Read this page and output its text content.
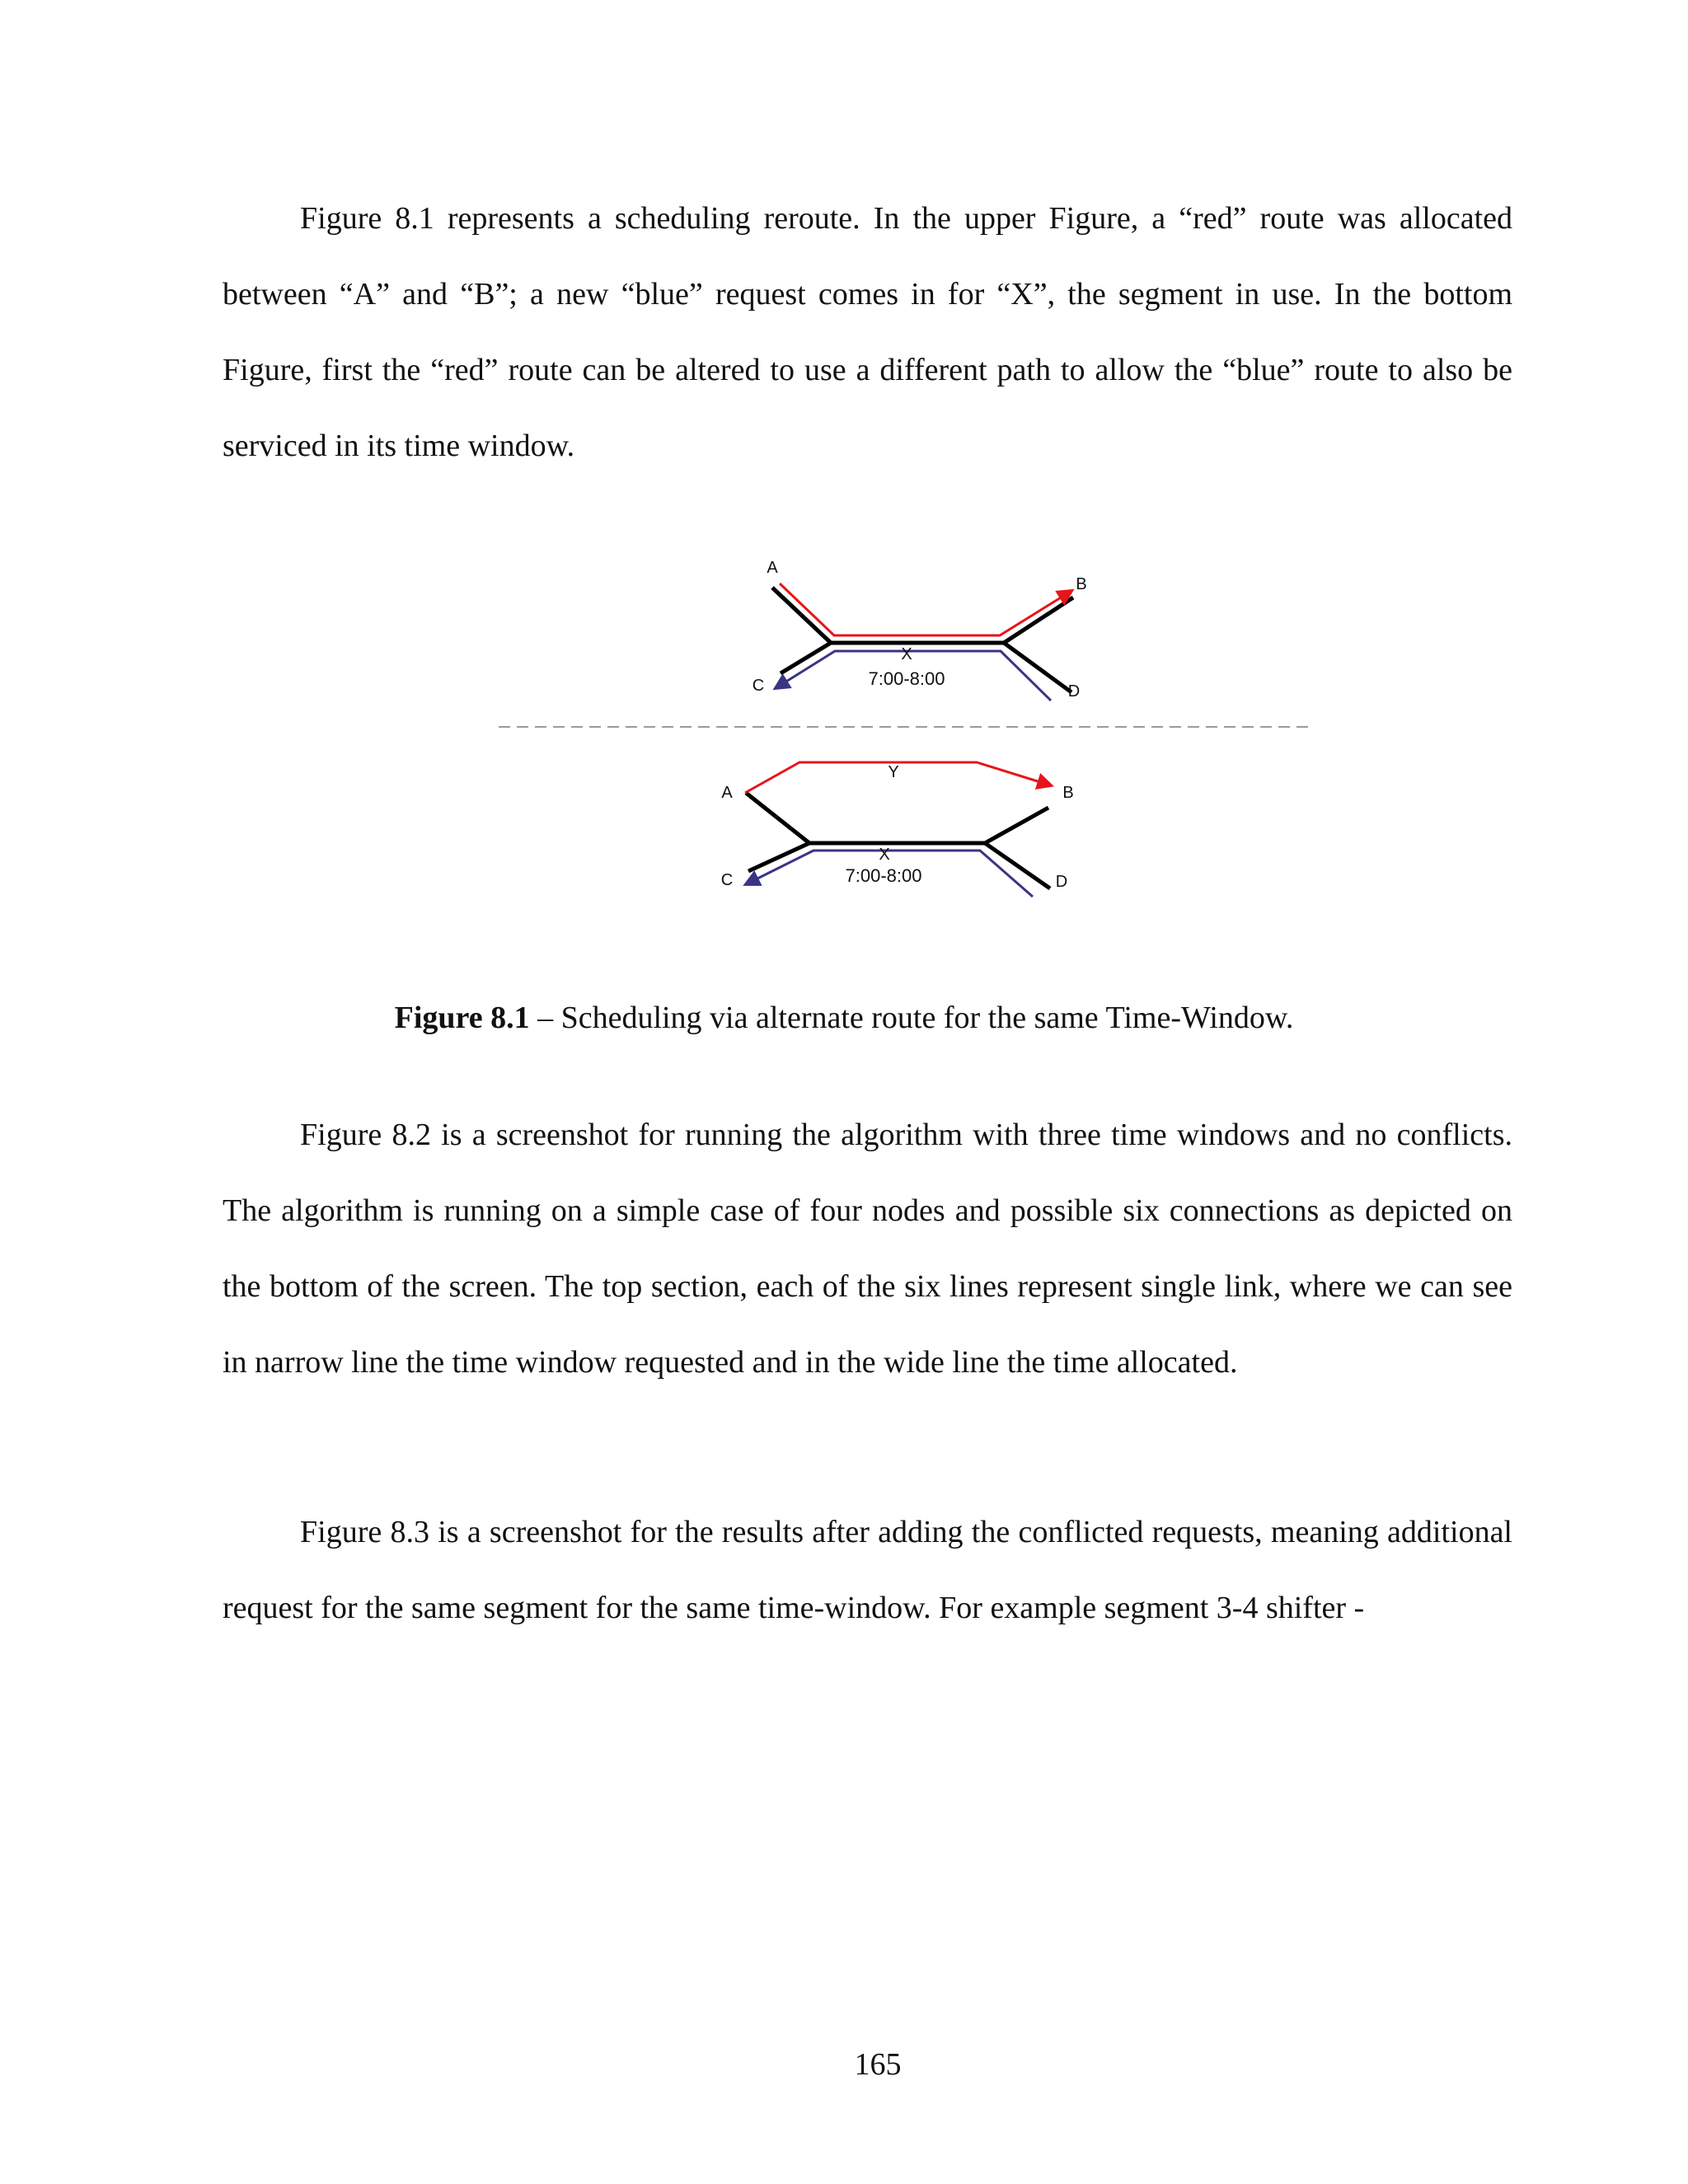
Figure 8.1 represents a scheduling reroute. In the upper Figure, a “red” route was allocated between “A” and “B”; a new “blue” request comes in for “X”, the segment in use. In the bottom Figure, first the “red” route can be altered to use a different path to allow the “blue” route to also be serviced in its time window.

A
B
C	D
X
7:00-8:00
A	B
C	D
Y
X
7:00-8:00

Figure 8.1 – Scheduling via alternate route for the same Time-Window.

Figure 8.2 is a screenshot for running the algorithm with three time windows and no conflicts. The algorithm is running on a simple case of four nodes and possible six connections as depicted on the bottom of the screen. The top section, each of the six lines represent single link, where we can see in narrow line the time window requested and in the wide line the time allocated.

Figure 8.3 is a screenshot for the results after adding the conflicted requests, meaning additional request for the same segment for the same time-window. For example segment 3-4 shifter -

165
